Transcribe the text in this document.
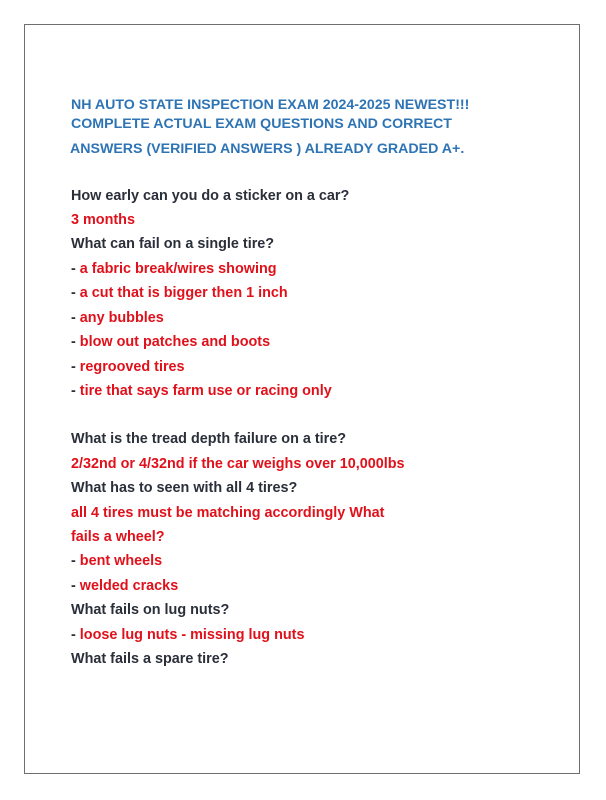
NH AUTO STATE INSPECTION EXAM 2024-2025 NEWEST!!!
COMPLETE ACTUAL EXAM QUESTIONS AND CORRECT
ANSWERS (VERIFIED ANSWERS ) ALREADY GRADED A+.
How early can you do a sticker on a car?
3 months
What can fail on a single tire?
- a fabric break/wires showing
- a cut that is bigger then 1 inch
- any bubbles
- blow out patches and boots
- regrooved tires
- tire that says farm use or racing only
Read More
What is the tread depth failure on a tire?
2/32nd or 4/32nd if the car weighs over 10,000lbs
What has to seen with all 4 tires?
all 4 tires must be matching accordingly What
fails a wheel?
- bent wheels
- welded cracks
What fails on lug nuts?
- loose lug nuts - missing lug nuts
What fails a spare tire?
